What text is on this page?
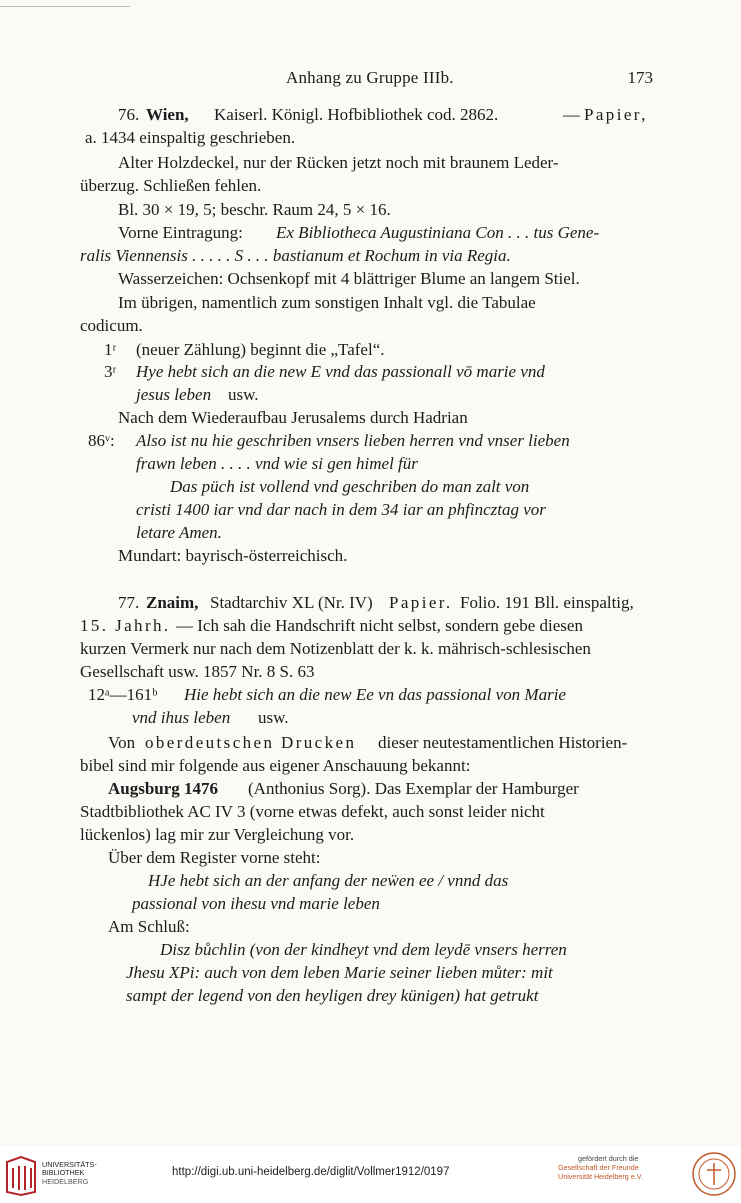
Anhang zu Gruppe IIIb.	173
76. Wien, Kaiserl. Königl. Hofbibliothek cod. 2862.	— Papier,
a. 1434 einspaltig geschrieben.
Alter Holzdeckel, nur der Rücken jetzt noch mit braunem Leder-
überzug. Schließen fehlen.
Bl. 30 × 19, 5; beschr. Raum 24, 5 × 16.
Vorne Eintragung: Ex Bibliotheca Augustiniana Con . . . tus Gene-
ralis Viennensis . . . . . S . . . bastianum et Rochum in via Regia.
Wasserzeichen: Ochsenkopf mit 4 blättriger Blume an langem Stiel.
Im übrigen, namentlich zum sonstigen Inhalt vgl. die Tabulae
codicum.
1ʳ (neuer Zählung) beginnt die „Tafel“.
3ʳ Hye hebt sich an die new E vnd das passionall vō marie vnd
jesus leben usw.
Nach dem Wiederaufbau Jerusalems durch Hadrian
86ᵛ: Also ist nu hie geschriben vnsers lieben herren vnd vnser lieben
frawn leben . . . . vnd wie si gen himel für
Das püch ist vollend vnd geschriben do man zalt von
cristi 1400 iar vnd dar nach in dem 34 iar an phfincztag vor
letare Amen.
Mundart: bayrisch-österreichisch.
77. Znaim, Stadtarchiv XL (Nr. IV) Papier. Folio. 191 Bll. einspaltig,
15. Jahrh. — Ich sah die Handschrift nicht selbst, sondern gebe diesen
kurzen Vermerk nur nach dem Notizenblatt der k. k. mährisch-schlesischen
Gesellschaft usw. 1857 Nr. 8 S. 63
12ᵃ—161ᵇ Hie hebt sich an die new Ee vn das passional von Marie
vnd ihus leben usw.
Von oberdeutschen Drucken dieser neutestamentlichen Historien-
bibel sind mir folgende aus eigener Anschauung bekannt:
Augsburg 1476 (Anthonius Sorg). Das Exemplar der Hamburger
Stadtbibliothek AC IV 3 (vorne etwas defekt, auch sonst leider nicht
lückenlos) lag mir zur Vergleichung vor.
Über dem Register vorne steht:
HJe hebt sich an der anfang der neẅen ee / vnnd das
passional von ihesu vnd marie leben
Am Schluß:
Disz bůchlin (von der kindheyt vnd dem leydē vnsers herren
Jhesu XPi: auch von dem leben Marie seiner lieben můter: mit
sampt der legend von den heyligen drey künigen) hat getrukt
UNIVERSITÄTS-
BIBLIOTHEK
HEIDELBERG
http://digi.ub.uni-heidelberg.de/diglit/Vollmer1912/0197
gefördert durch die
Gesellschaft der Freunde
Universität Heidelberg e.V.
